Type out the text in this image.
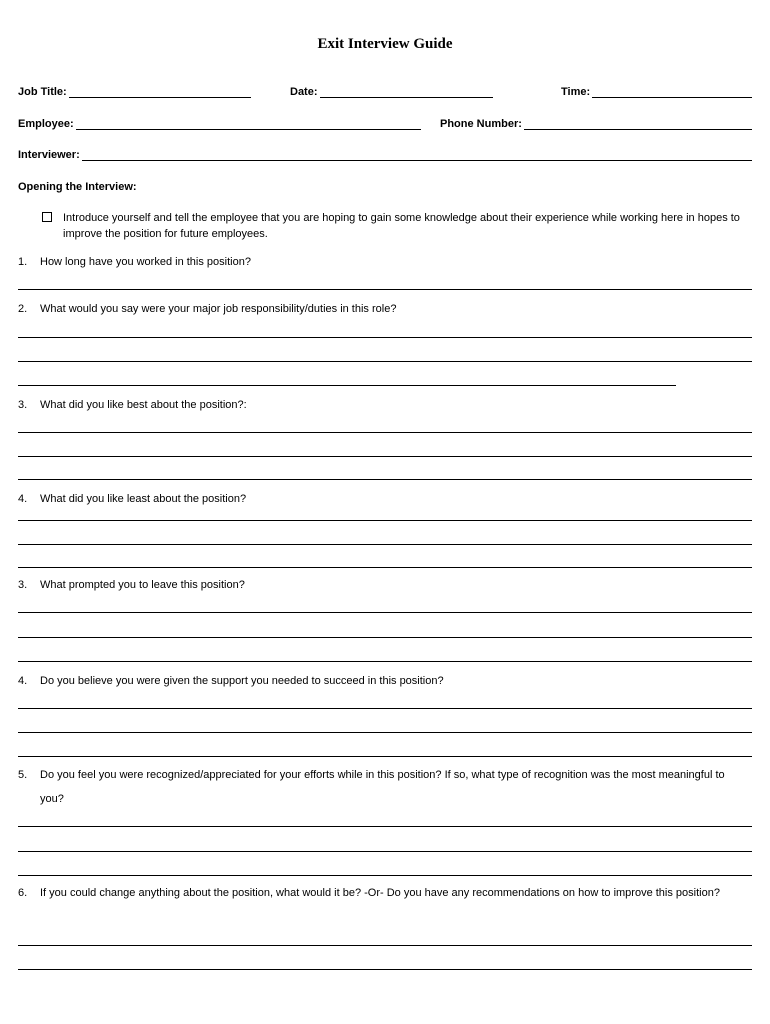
Exit Interview Guide
Job Title:	Date:	Time:
Employee:	Phone Number:
Interviewer:
Opening the Interview:
Introduce yourself and tell the employee that you are hoping to gain some knowledge about their experience while working here in hopes to improve the position for future employees.
1. How long have you worked in this position?
2. What would you say were your major job responsibility/duties in this role?
3. What did you like best about the position?:
4. What did you like least about the position?
3. What prompted you to leave this position?
4. Do you believe you were given the support you needed to succeed in this position?
5. Do you feel you were recognized/appreciated for your efforts while in this position? If so, what type of recognition was the most meaningful to you?
6. If you could change anything about the position, what would it be? -Or- Do you have any recommendations on how to improve this position?
